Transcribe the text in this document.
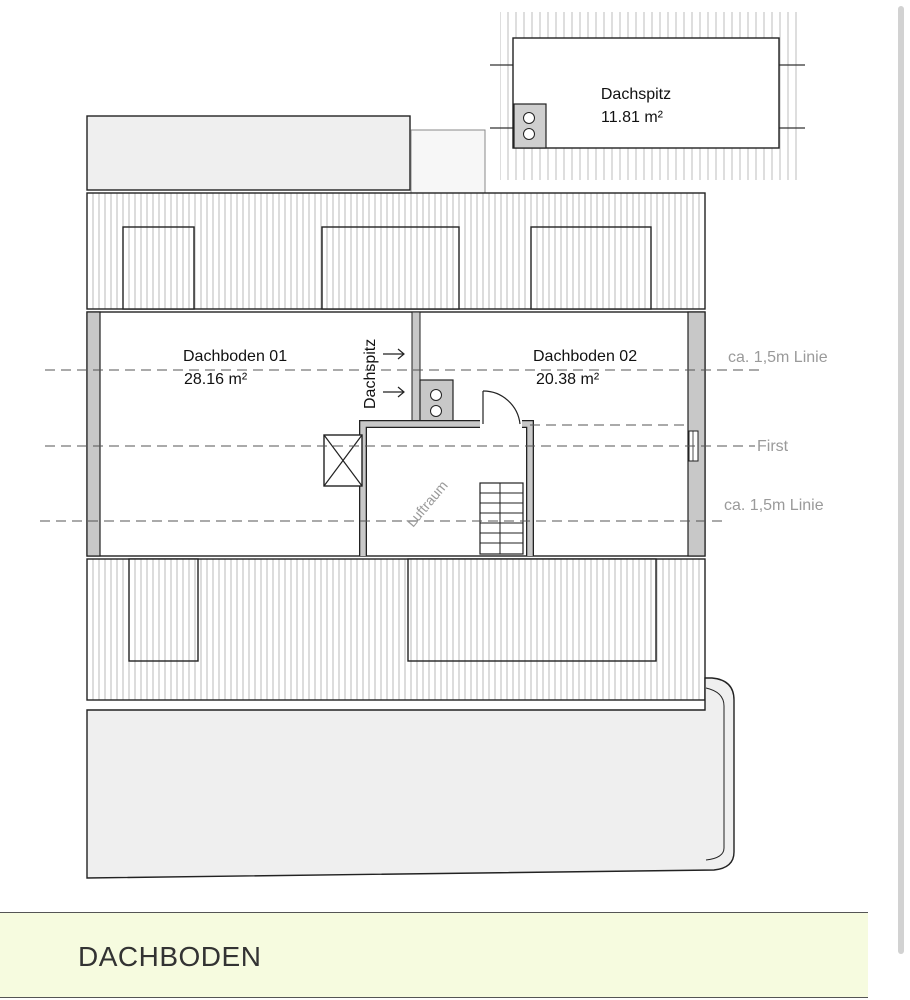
Dachspitz
11.81 m²
Dachboden 01
28.16 m²
Dachboden 02
20.38 m²
Dachspitz
Luftraum
ca. 1,5m Linie
First
ca. 1,5m Linie
DACHBODEN
